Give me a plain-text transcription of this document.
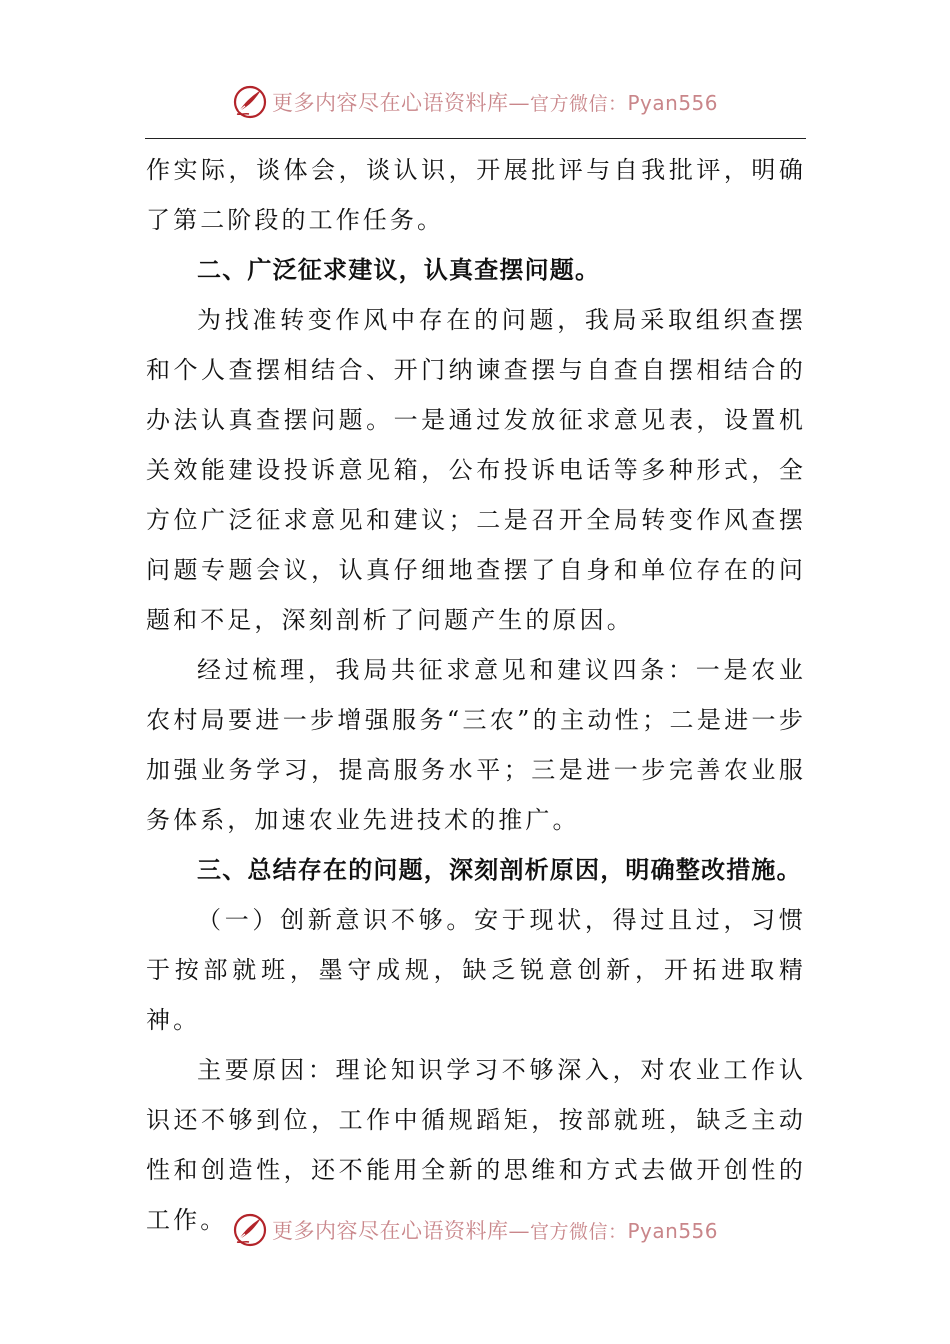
更多内容尽在心语资料库—官方微信：Pyan556

作实际，谈体会，谈认识，开展批评与自我批评，明确了第二阶段的工作任务。

二、广泛征求建议，认真查摆问题。

为找准转变作风中存在的问题，我局采取组织查摆和个人查摆相结合、开门纳谏查摆与自查自摆相结合的办法认真查摆问题。一是通过发放征求意见表，设置机关效能建设投诉意见箱，公布投诉电话等多种形式，全方位广泛征求意见和建议；二是召开全局转变作风查摆问题专题会议，认真仔细地查摆了自身和单位存在的问题和不足，深刻剖析了问题产生的原因。

经过梳理，我局共征求意见和建议四条：一是农业农村局要进一步增强服务“三农”的主动性；二是进一步加强业务学习，提高服务水平；三是进一步完善农业服务体系，加速农业先进技术的推广。

三、总结存在的问题，深刻剖析原因，明确整改措施。

（一）创新意识不够。安于现状，得过且过，习惯于按部就班，墨守成规，缺乏锐意创新，开拓进取精神。

主要原因：理论知识学习不够深入，对农业工作认识还不够到位，工作中循规蹈矩，按部就班，缺乏主动性和创造性，还不能用全新的思维和方式去做开创性的工作。	更多内容尽在心语资料库—官方微信：Pyan556
